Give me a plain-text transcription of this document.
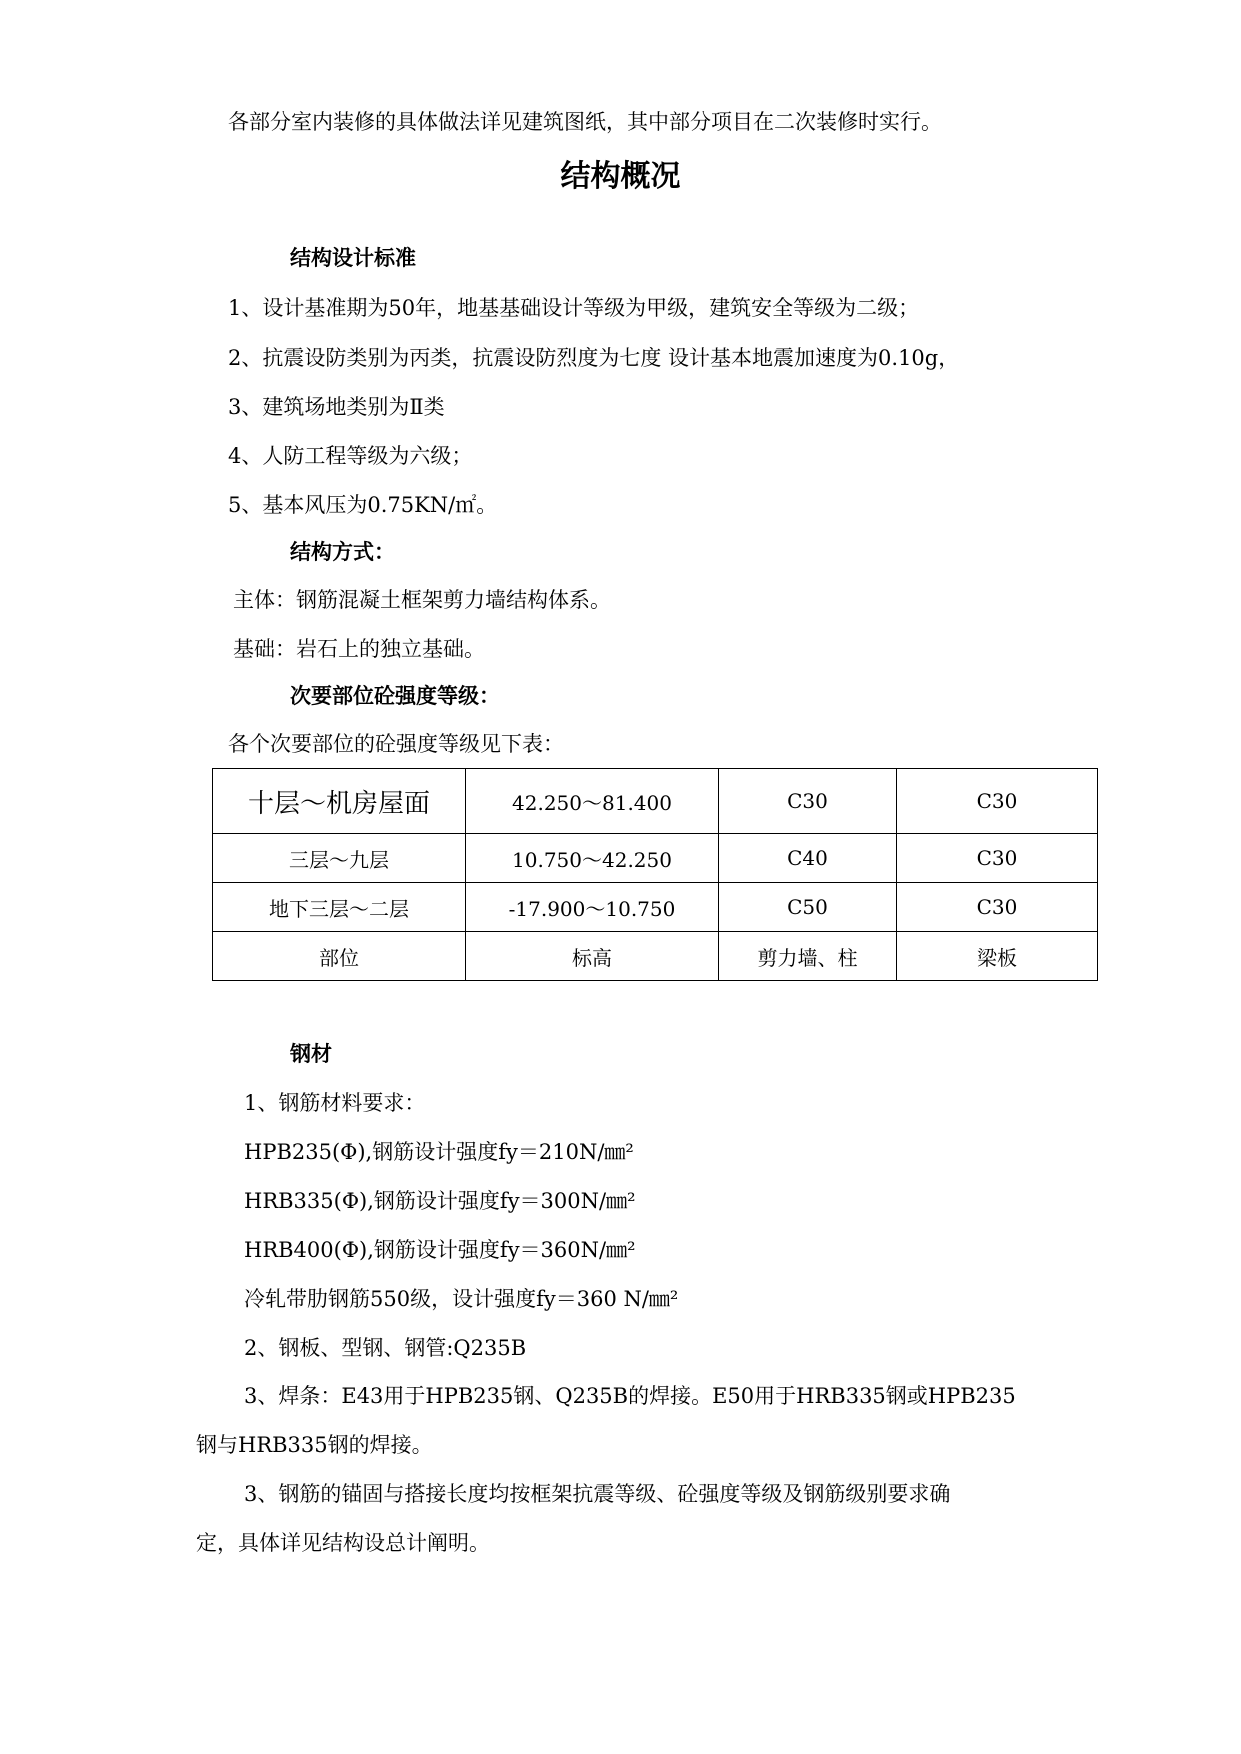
各部分室内装修的具体做法详见建筑图纸，其中部分项目在二次装修时实行。
结构概况
结构设计标准
1、设计基准期为50年，地基基础设计等级为甲级，建筑安全等级为二级；
2、抗震设防类别为丙类，抗震设防烈度为七度 设计基本地震加速度为0.10g，
3、建筑场地类别为Ⅱ类
4、人防工程等级为六级；
5、基本风压为0.75KN/㎡。
结构方式：
主体：钢筋混凝土框架剪力墙结构体系。
基础：岩石上的独立基础。
次要部位砼强度等级：
各个次要部位的砼强度等级见下表：
十层～机房屋面	42.250～81.400	C30	C30
三层～九层	10.750～42.250	C40	C30
地下三层～二层	-17.900～10.750	C50	C30
部位	标高	剪力墙、柱	梁板
钢材
1、钢筋材料要求：
HPB235(Φ),钢筋设计强度fy＝210N/㎜²
HRB335(Φ),钢筋设计强度fy＝300N/㎜²
HRB400(Φ),钢筋设计强度fy＝360N/㎜²
冷轧带肋钢筋550级，设计强度fy＝360 N/㎜²
2、钢板、型钢、钢管:Q235B
3、焊条：E43用于HPB235钢、Q235B的焊接。E50用于HRB335钢或HPB235
钢与HRB335钢的焊接。
3、钢筋的锚固与搭接长度均按框架抗震等级、砼强度等级及钢筋级别要求确
定，具体详见结构设总计阐明。
